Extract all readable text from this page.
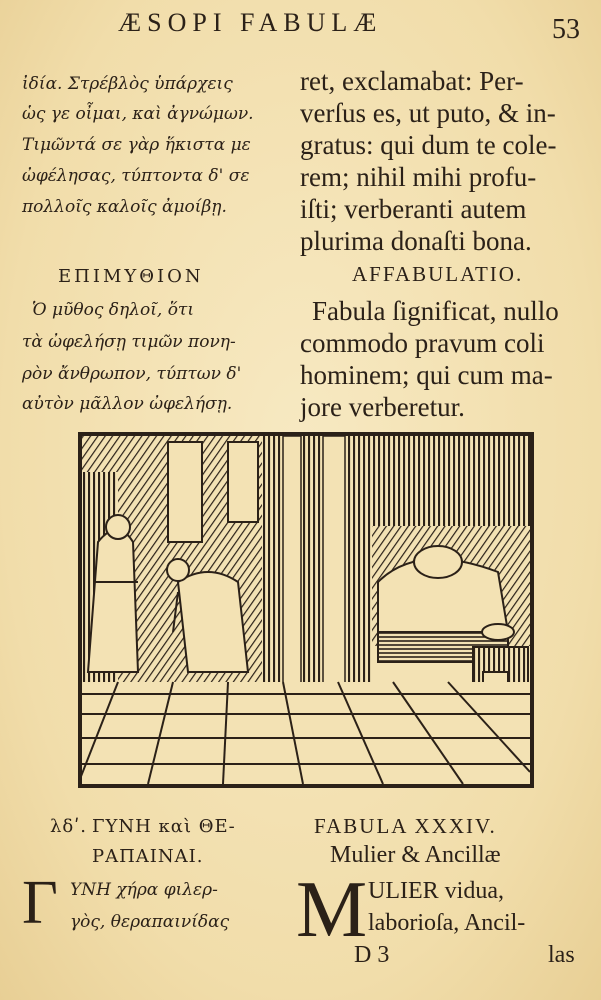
ÆSOPI FABULÆ	53
ἰδία. Στρέβλὸς ὑπάρχεις
ὡς γε οἶμαι, καὶ ἀγνώμων.
Τιμῶντά σε γὰρ ἥκιστα με
ὠφέλησας, τύπτοντα δ' σε
πολλοῖς καλοῖς ἀμοίβῃ.
ΕΠΙΜΥΘΙΟΝ
Ὁ μῦθος δηλοῖ, ὅτι
τὰ ὠφελήσῃ τιμῶν πονη-
ρὸν ἄνθρωπον, τύπτων δ'
αὐτὸν μᾶλλον ὠφελήσῃ.
ret, exclamabat: Per-
verſus es, ut puto, & in-
gratus: qui dum te cole-
rem; nihil mihi profu-
iſti; verberanti autem
plurima donaſti bona.
AFFABULATIO.
Fabula ſignificat, nullo
commodo pravum coli
hominem; qui cum ma-
jore verberetur.
λδʹ. ΓΥΝΗ καὶ ΘΕ-
ΡΑΠΑΙΝΑΙ.
Γ ΥΝΗ χήρα φιλερ-
γὸς, θεραπαινίδας
FABULA XXXIV.
Mulier & Ancillæ
M ULIER vidua,
laborioſa, Ancil-
D 3	las
